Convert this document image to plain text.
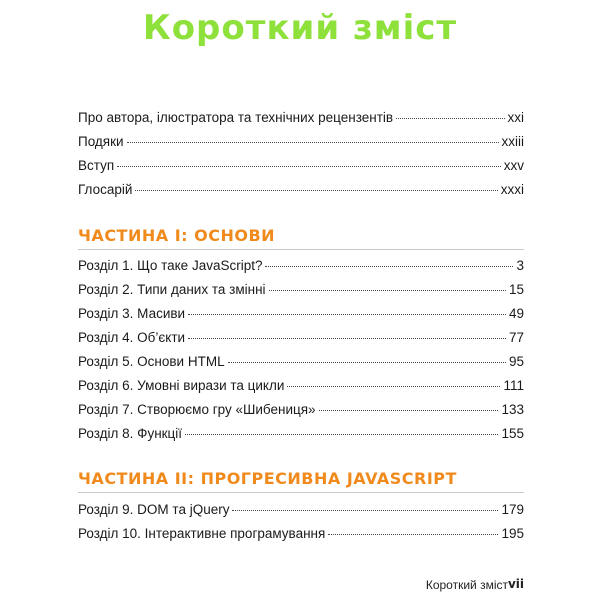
Короткий зміст
Про автора, ілюстратора та технічних рецензентів	xxi
Подяки	xxiii
Вступ	xxv
Глосарій	xxxi
ЧАСТИНА I: ОСНОВИ
Розділ 1. Що таке JavaScript?	3
Розділ 2. Типи даних та змінні	15
Розділ 3. Масиви	49
Розділ 4. Об’єкти	77
Розділ 5. Основи HTML	95
Розділ 6. Умовні вирази та цикли	111
Розділ 7. Створюємо гру «Шибениця»	133
Розділ 8. Функції	155
ЧАСТИНА II: ПРОГРЕСИВНА JAVASCRIPT
Розділ 9. DOM та jQuery	179
Розділ 10. Інтерактивне програмування	195
Короткий зміст vii
